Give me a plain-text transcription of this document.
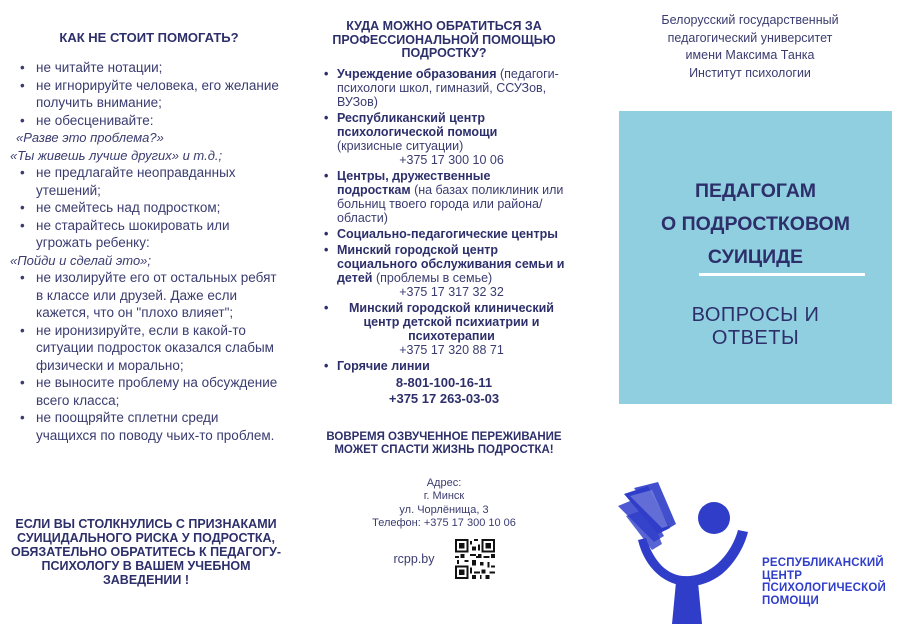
КАК НЕ СТОИТ ПОМОГАТЬ?
• не читайте нотации;
• не игнорируйте человека, его желание получить внимание;
• не обесценивайте:
«Разве это проблема?»
«Ты живешь лучше других» и т.д.;
• не предлагайте неоправданных утешений;
• не смейтесь над подростком;
• не старайтесь шокировать или угрожать ребенку:
«Пойди и сделай это»;
• не изолируйте его от остальных ребят в классе или друзей. Даже если кажется, что он "плохо влияет";
• не иронизируйте, если в какой-то ситуации подросток оказался слабым физически и морально;
• не выносите проблему на обсуждение всего класса;
• не поощряйте сплетни среди учащихся по поводу чьих-то проблем.
ЕСЛИ ВЫ СТОЛКНУЛИСЬ С ПРИЗНАКАМИ СУИЦИДАЛЬНОГО РИСКА У ПОДРОСТКА, ОБЯЗАТЕЛЬНО ОБРАТИТЕСЬ К ПЕДАГОГУ-ПСИХОЛОГУ В ВАШЕМ УЧЕБНОМ ЗАВЕДЕНИИ !
КУДА МОЖНО ОБРАТИТЬСЯ ЗА ПРОФЕССИОНАЛЬНОЙ ПОМОЩЬЮ ПОДРОСТКУ?
• Учреждение образования (педагоги-психологи школ, гимназий, ССУЗов, ВУЗов)
• Республиканский центр психологической помощи (кризисные ситуации)
+375 17 300 10 06
• Центры, дружественные подросткам (на базах поликлиник или больниц твоего города или района/области)
• Социально-педагогические центры
• Минский городской центр социального обслуживания семьи и детей (проблемы в семье)
+375 17 317 32 32
• Минский городской клинический центр детской психиатрии и психотерапии
+375 17 320 88 71
• Горячие линии
8-801-100-16-11
+375 17 263-03-03
ВОВРЕМЯ ОЗВУЧЕННОЕ ПЕРЕЖИВАНИЕ МОЖЕТ СПАСТИ ЖИЗНЬ ПОДРОСТКА!
Адрес:
г. Минск
ул. Чорлёнища, 3
Телефон: +375 17 300 10 06
rcpp.by
Белорусский государственный
педагогический университет
имени Максима Танка
Институт психологии
ПЕДАГОГАМ
О ПОДРОСТКОВОМ
СУИЦИДЕ
ВОПРОСЫ И
ОТВЕТЫ
РЕСПУБЛИКАНСКИЙ
ЦЕНТР
ПСИХОЛОГИЧЕСКОЙ
ПОМОЩИ
